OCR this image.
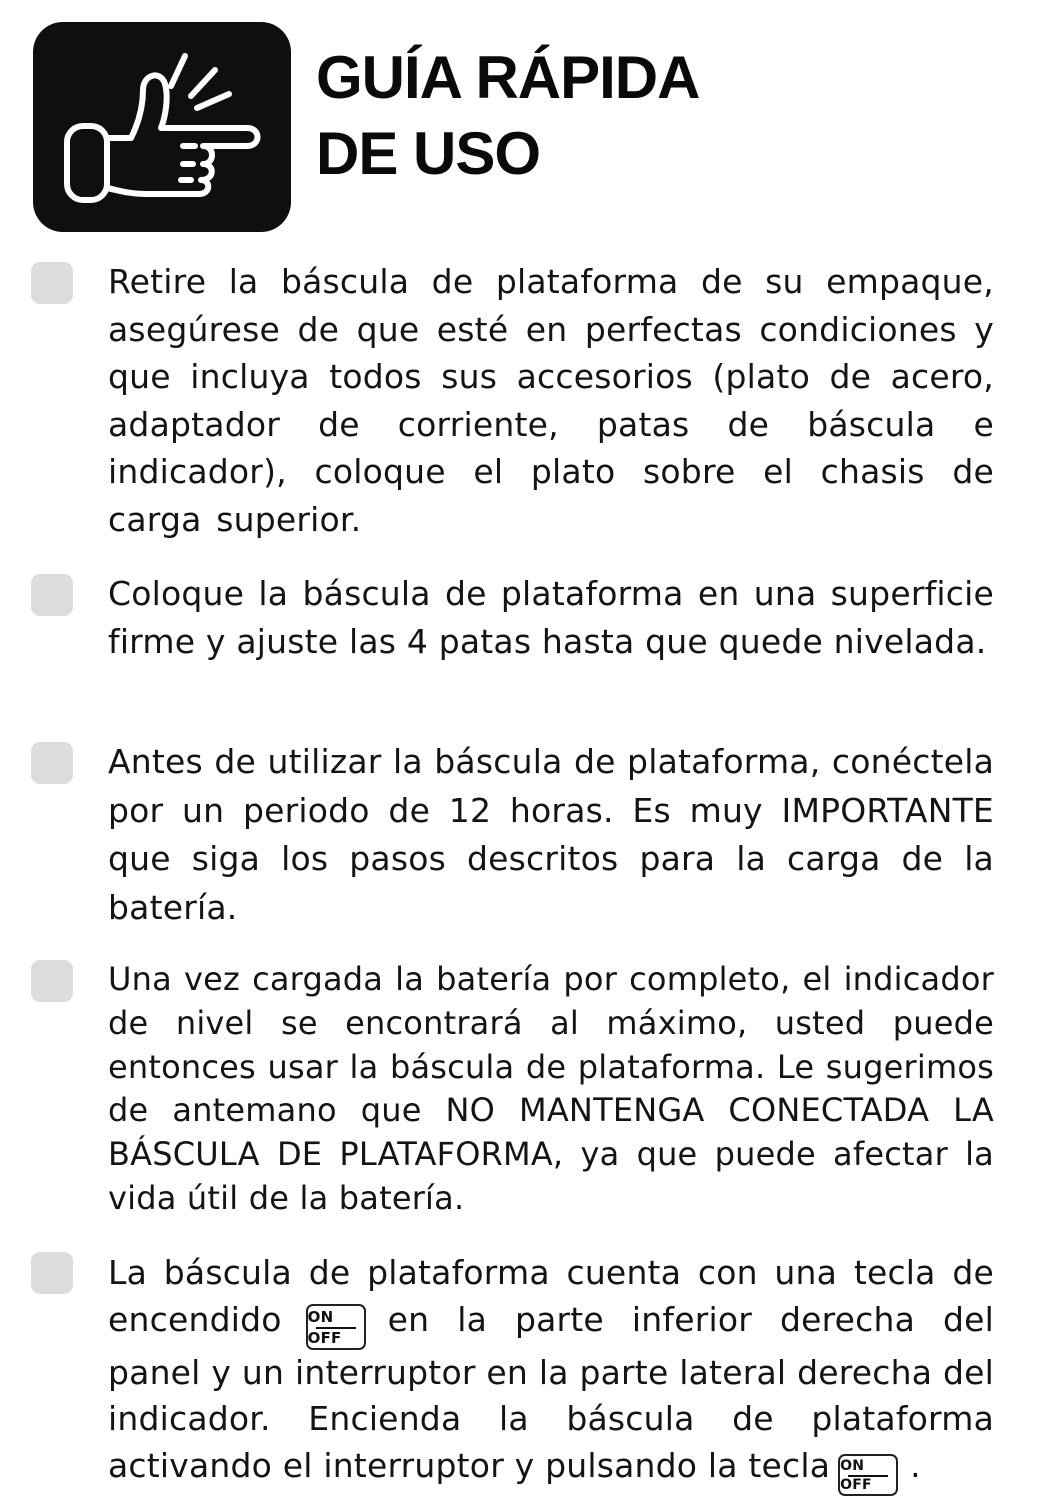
GUÍA RÁPIDA
DE USO

Retire la báscula de plataforma de su empaque, asegúrese de que esté en perfectas condiciones y que incluya todos sus accesorios (plato de acero, adaptador de corriente, patas de báscula e indicador), coloque el plato sobre el chasis de carga superior.

Coloque la báscula de plataforma en una superficie firme y ajuste las 4 patas hasta que quede nivelada.

Antes de utilizar la báscula de plataforma, conéctela por un periodo de 12 horas. Es muy IMPORTANTE que siga los pasos descritos para la carga de la batería.

Una vez cargada la batería por completo, el indicador de nivel se encontrará al máximo, usted puede entonces usar la báscula de plataforma. Le sugerimos de antemano que NO MANTENGA CONECTADA LA BÁSCULA DE PLATAFORMA, ya que puede afectar la vida útil de la batería.

La báscula de plataforma cuenta con una tecla de encendido ON
OFF	en la parte inferior derecha del panel y un interruptor en la parte lateral derecha del indicador. Encienda la báscula de plataforma activando el interruptor y pulsando la tecla ON
OFF	.
